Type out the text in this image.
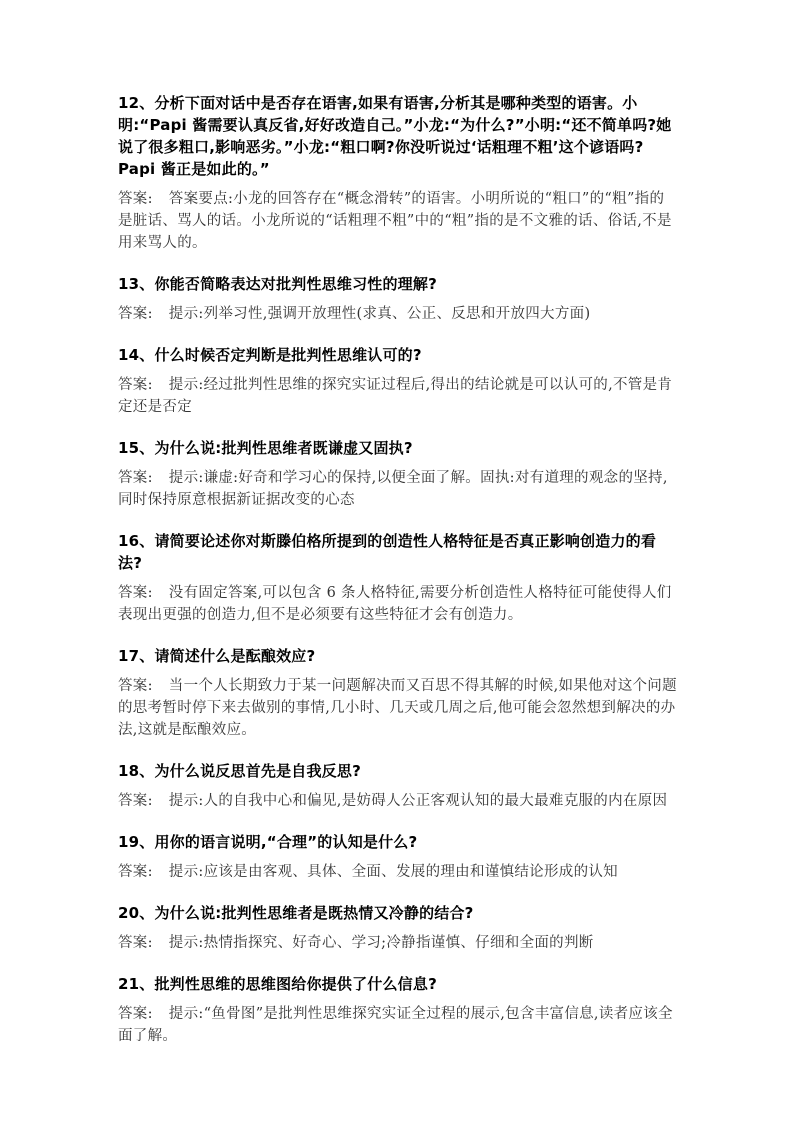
12、分析下面对话中是否存在语害,如果有语害,分析其是哪种类型的语害。小明:“Papi 酱需要认真反省,好好改造自己。”小龙:“为什么?”小明:“还不简单吗?她说了很多粗口,影响恶劣。”小龙:“粗口啊?你没听说过‘话粗理不粗’这个谚语吗?Papi 酱正是如此的。”

答案: 答案要点:小龙的回答存在“概念滑转”的语害。小明所说的“粗口”的“粗”指的是脏话、骂人的话。小龙所说的“话粗理不粗”中的“粗”指的是不文雅的话、俗话,不是用来骂人的。

13、你能否简略表达对批判性思维习性的理解?

答案: 提示:列举习性,强调开放理性(求真、公正、反思和开放四大方面)

14、什么时候否定判断是批判性思维认可的?

答案: 提示:经过批判性思维的探究实证过程后,得出的结论就是可以认可的,不管是肯定还是否定

15、为什么说:批判性思维者既谦虚又固执?

答案: 提示:谦虚:好奇和学习心的保持,以便全面了解。固执:对有道理的观念的坚持,同时保持原意根据新证据改变的心态

16、请简要论述你对斯滕伯格所提到的创造性人格特征是否真正影响创造力的看法?

答案: 没有固定答案,可以包含 6 条人格特征,需要分析创造性人格特征可能使得人们表现出更强的创造力,但不是必须要有这些特征才会有创造力。

17、请简述什么是酝酿效应?

答案: 当一个人长期致力于某一问题解决而又百思不得其解的时候,如果他对这个问题的思考暂时停下来去做别的事情,几小时、几天或几周之后,他可能会忽然想到解决的办法,这就是酝酿效应。

18、为什么说反思首先是自我反思?

答案: 提示:人的自我中心和偏见,是妨碍人公正客观认知的最大最难克服的内在原因

19、用你的语言说明,“合理”的认知是什么?

答案: 提示:应该是由客观、具体、全面、发展的理由和谨慎结论形成的认知

20、为什么说:批判性思维者是既热情又冷静的结合?

答案: 提示:热情指探究、好奇心、学习;冷静指谨慎、仔细和全面的判断

21、批判性思维的思维图给你提供了什么信息?

答案: 提示:“鱼骨图”是批判性思维探究实证全过程的展示,包含丰富信息,读者应该全面了解。
